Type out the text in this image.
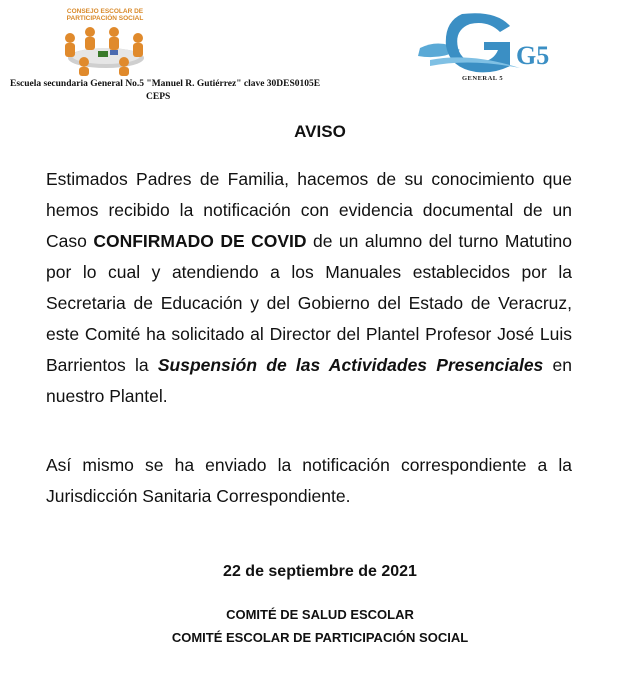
CONSEJO ESCOLAR DE PARTICIPACIÓN SOCIAL
Escuela secundaria General No.5 "Manuel R. Gutiérrez" clave 30DES0105E
CEPS
G5
GENERAL 5
AVISO
Estimados Padres de Familia, hacemos de su conocimiento que hemos recibido la notificación con evidencia documental de un Caso CONFIRMADO DE COVID de un alumno del turno Matutino por lo cual y atendiendo a los Manuales establecidos por la Secretaria de Educación y del Gobierno del Estado de Veracruz, este Comité ha solicitado al Director del Plantel Profesor José Luis Barrientos la Suspensión de las Actividades Presenciales en nuestro Plantel.
Así mismo se ha enviado la notificación correspondiente a la Jurisdicción Sanitaria Correspondiente.
22 de septiembre de 2021
COMITÉ DE SALUD ESCOLAR
COMITÉ ESCOLAR DE PARTICIPACIÓN SOCIAL
